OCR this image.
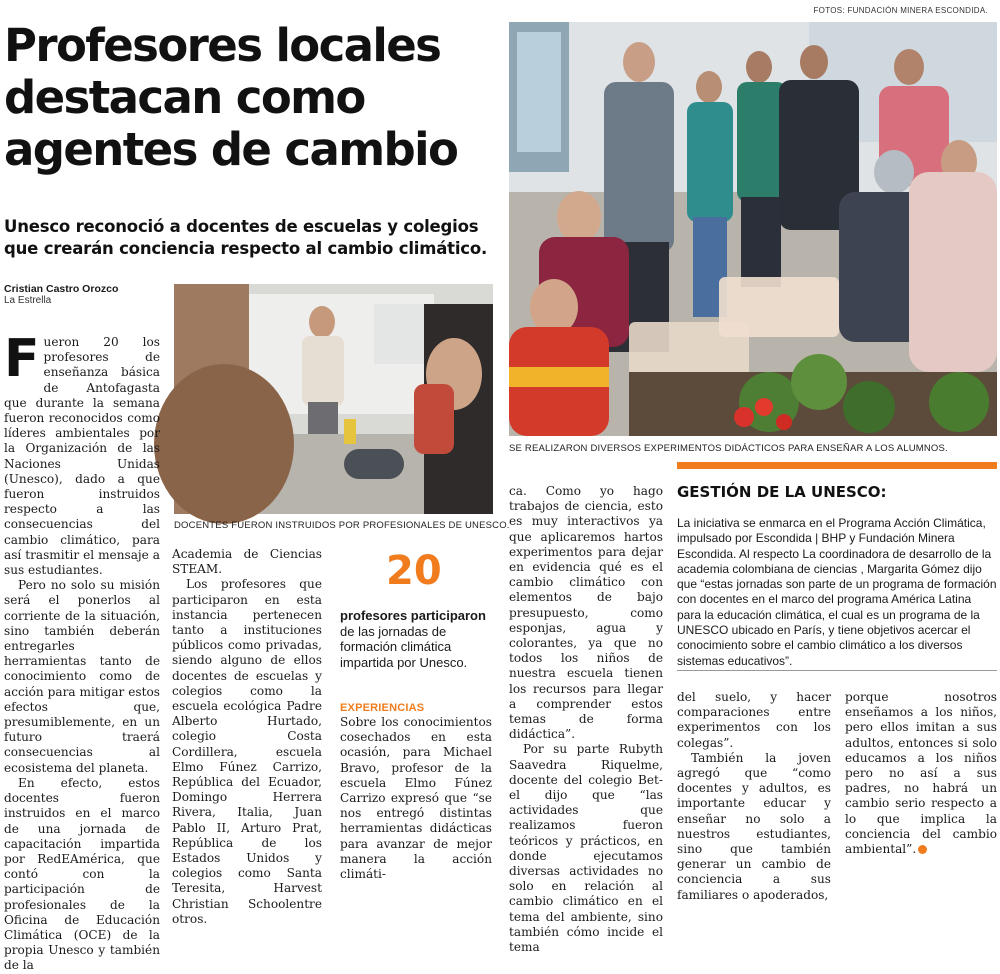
FOTOS: FUNDACIÓN MINERA ESCONDIDA.
Profesores locales
destacan como
agentes de cambio
Unesco reconoció a docentes de escuelas y colegios que crearán conciencia respecto al cambio climático.
Cristian Castro Orozco
La Estrella
SE REALIZARON DIVERSOS EXPERIMENTOS DIDÁCTICOS PARA ENSEÑAR A LOS ALUMNOS.
DOCENTES FUERON INSTRUIDOS POR PROFESIONALES DE UNESCO.

Fueron 20 los profesores de enseñanza básica de Antofagasta que durante la semana fueron reconocidos como líderes ambientales por la Organización de las Naciones Unidas (Unesco), dado a que fueron instruidos respecto a las consecuencias del cambio climático, para así trasmitir el mensaje a sus estudiantes.

Pero no solo su misión será el ponerlos al corriente de la situación, sino también deberán entregarles herramientas tanto de conocimiento como de acción para mitigar estos efectos que, presumiblemente, en un futuro traerá consecuencias al ecosistema del planeta.

En efecto, estos docentes fueron instruidos en el marco de una jornada de capacitación impartida por RedEAmérica, que contó con la participación de profesionales de la Oficina de Educación Climática (OCE) de la propia Unesco y también de la

Academia de Ciencias STEAM.

Los profesores que participaron en esta instancia pertenecen tanto a instituciones públicos como privadas, siendo alguno de ellos docentes de escuelas y colegios como la escuela ecológica Padre Alberto Hurtado, colegio Costa Cordillera, escuela Elmo Fúnez Carrizo, República del Ecuador, Domingo Herrera Rivera, Italia, Juan Pablo II, Arturo Prat, República de los Estados Unidos y colegios como Santa Teresita, Harvest Christian Schoolentre otros.

20
profesores participaron de las jornadas de formación climática impartida por Unesco.
EXPERIENCIAS

Sobre los conocimientos cosechados en esta ocasión, para Michael Bravo, profesor de la escuela Elmo Fúnez Carrizo expresó que “se nos entregó distintas herramientas didácticas para avanzar de mejor manera la acción climáti-

ca. Como yo hago trabajos de ciencia, esto es muy interactivos ya que aplicaremos hartos experimentos para dejar en evidencia qué es el cambio climático con elementos de bajo presupuesto, como esponjas, agua y colorantes, ya que no todos los niños de nuestra escuela tienen los recursos para llegar a comprender estos temas de forma didáctica”.

Por su parte Rubyth Saavedra Riquelme, docente del colegio Bet-el dijo que “las actividades que realizamos fueron teóricos y prácticos, en donde ejecutamos diversas actividades no solo en relación al cambio climático en el tema del ambiente, sino también cómo incide el tema

GESTIÓN DE LA UNESCO:
La iniciativa se enmarca en el Programa Acción Climática, impulsado por Escondida | BHP y Fundación Minera Escondida. Al respecto La coordinadora de desarrollo de la academia colombiana de ciencias , Margarita Gómez dijo que “estas jornadas son parte de un programa de formación con docentes en el marco del programa América Latina para la educación climática, el cual es un programa de la UNESCO ubicado en París, y tiene objetivos acercar el conocimiento sobre el cambio climático a los diversos sistemas educativos”.

del suelo, y hacer comparaciones entre experimentos con los colegas”.

También la joven agregó que “como docentes y adultos, es importante educar y enseñar no solo a nuestros estudiantes, sino que también generar un cambio de conciencia a sus familiares o apoderados,

porque nosotros enseñamos a los niños, pero ellos imitan a sus adultos, entonces si solo educamos a los niños pero no así a sus padres, no habrá un cambio serio respecto a lo que implica la conciencia del cambio ambiental”.
